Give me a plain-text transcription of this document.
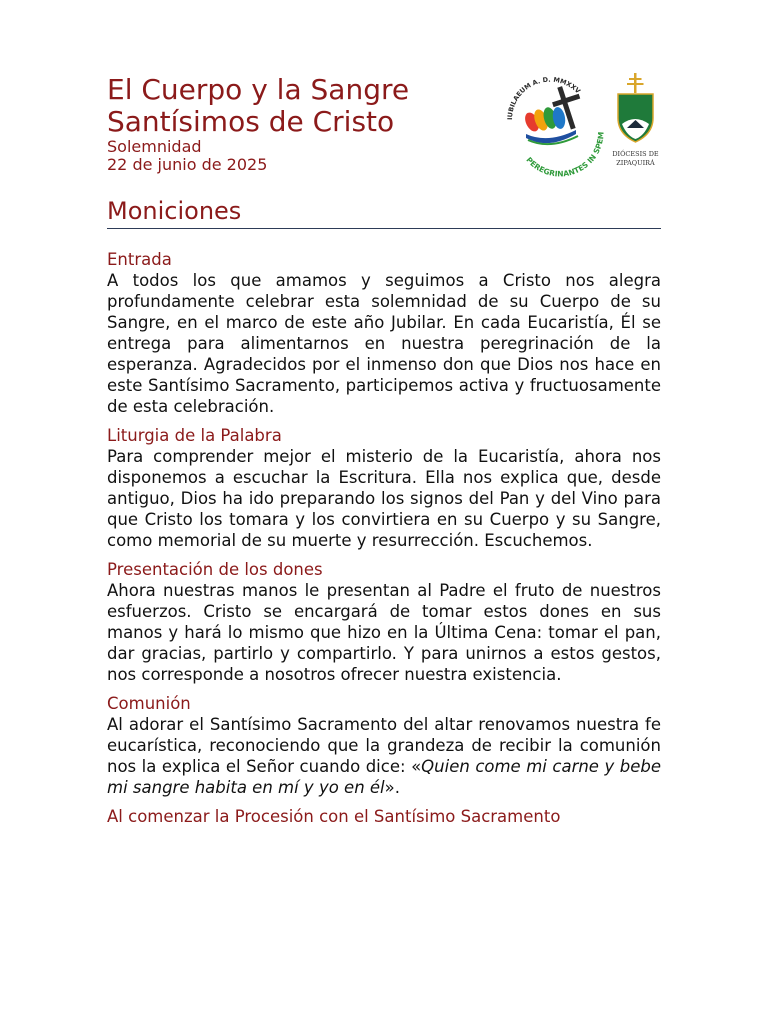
El Cuerpo y la Sangre
Santísimos de Cristo
Solemnidad
22 de junio de 2025
IUBILAEUM A. D. MMXXV
PEREGRINANTES IN SPEM
DIÓCESIS DE
ZIPAQUIRÁ
Moniciones
Entrada

A todos los que amamos y seguimos a Cristo nos alegra profundamente celebrar esta solemnidad de su Cuerpo de su Sangre, en el marco de este año Jubilar. En cada Eucaristía, Él se entrega para alimentarnos en nuestra peregrinación de la esperanza. Agradecidos por el inmenso don que Dios nos hace en este Santísimo Sacramento, participemos activa y fructuosamente de esta celebración.

Liturgia de la Palabra

Para comprender mejor el misterio de la Eucaristía, ahora nos disponemos a escuchar la Escritura. Ella nos explica que, desde antiguo, Dios ha ido preparando los signos del Pan y del Vino para que Cristo los tomara y los convirtiera en su Cuerpo y su Sangre, como memorial de su muerte y resurrección. Escuchemos.

Presentación de los dones

Ahora nuestras manos le presentan al Padre el fruto de nuestros esfuerzos. Cristo se encargará de tomar estos dones en sus manos y hará lo mismo que hizo en la Última Cena: tomar el pan, dar gracias, partirlo y compartirlo. Y para unirnos a estos gestos, nos corresponde a nosotros ofrecer nuestra existencia.

Comunión

Al adorar el Santísimo Sacramento del altar renovamos nuestra fe eucarística, reconociendo que la grandeza de recibir la comunión nos la explica el Señor cuando dice: «Quien come mi carne y bebe mi sangre habita en mí y yo en él».

Al comenzar la Procesión con el Santísimo Sacramento
